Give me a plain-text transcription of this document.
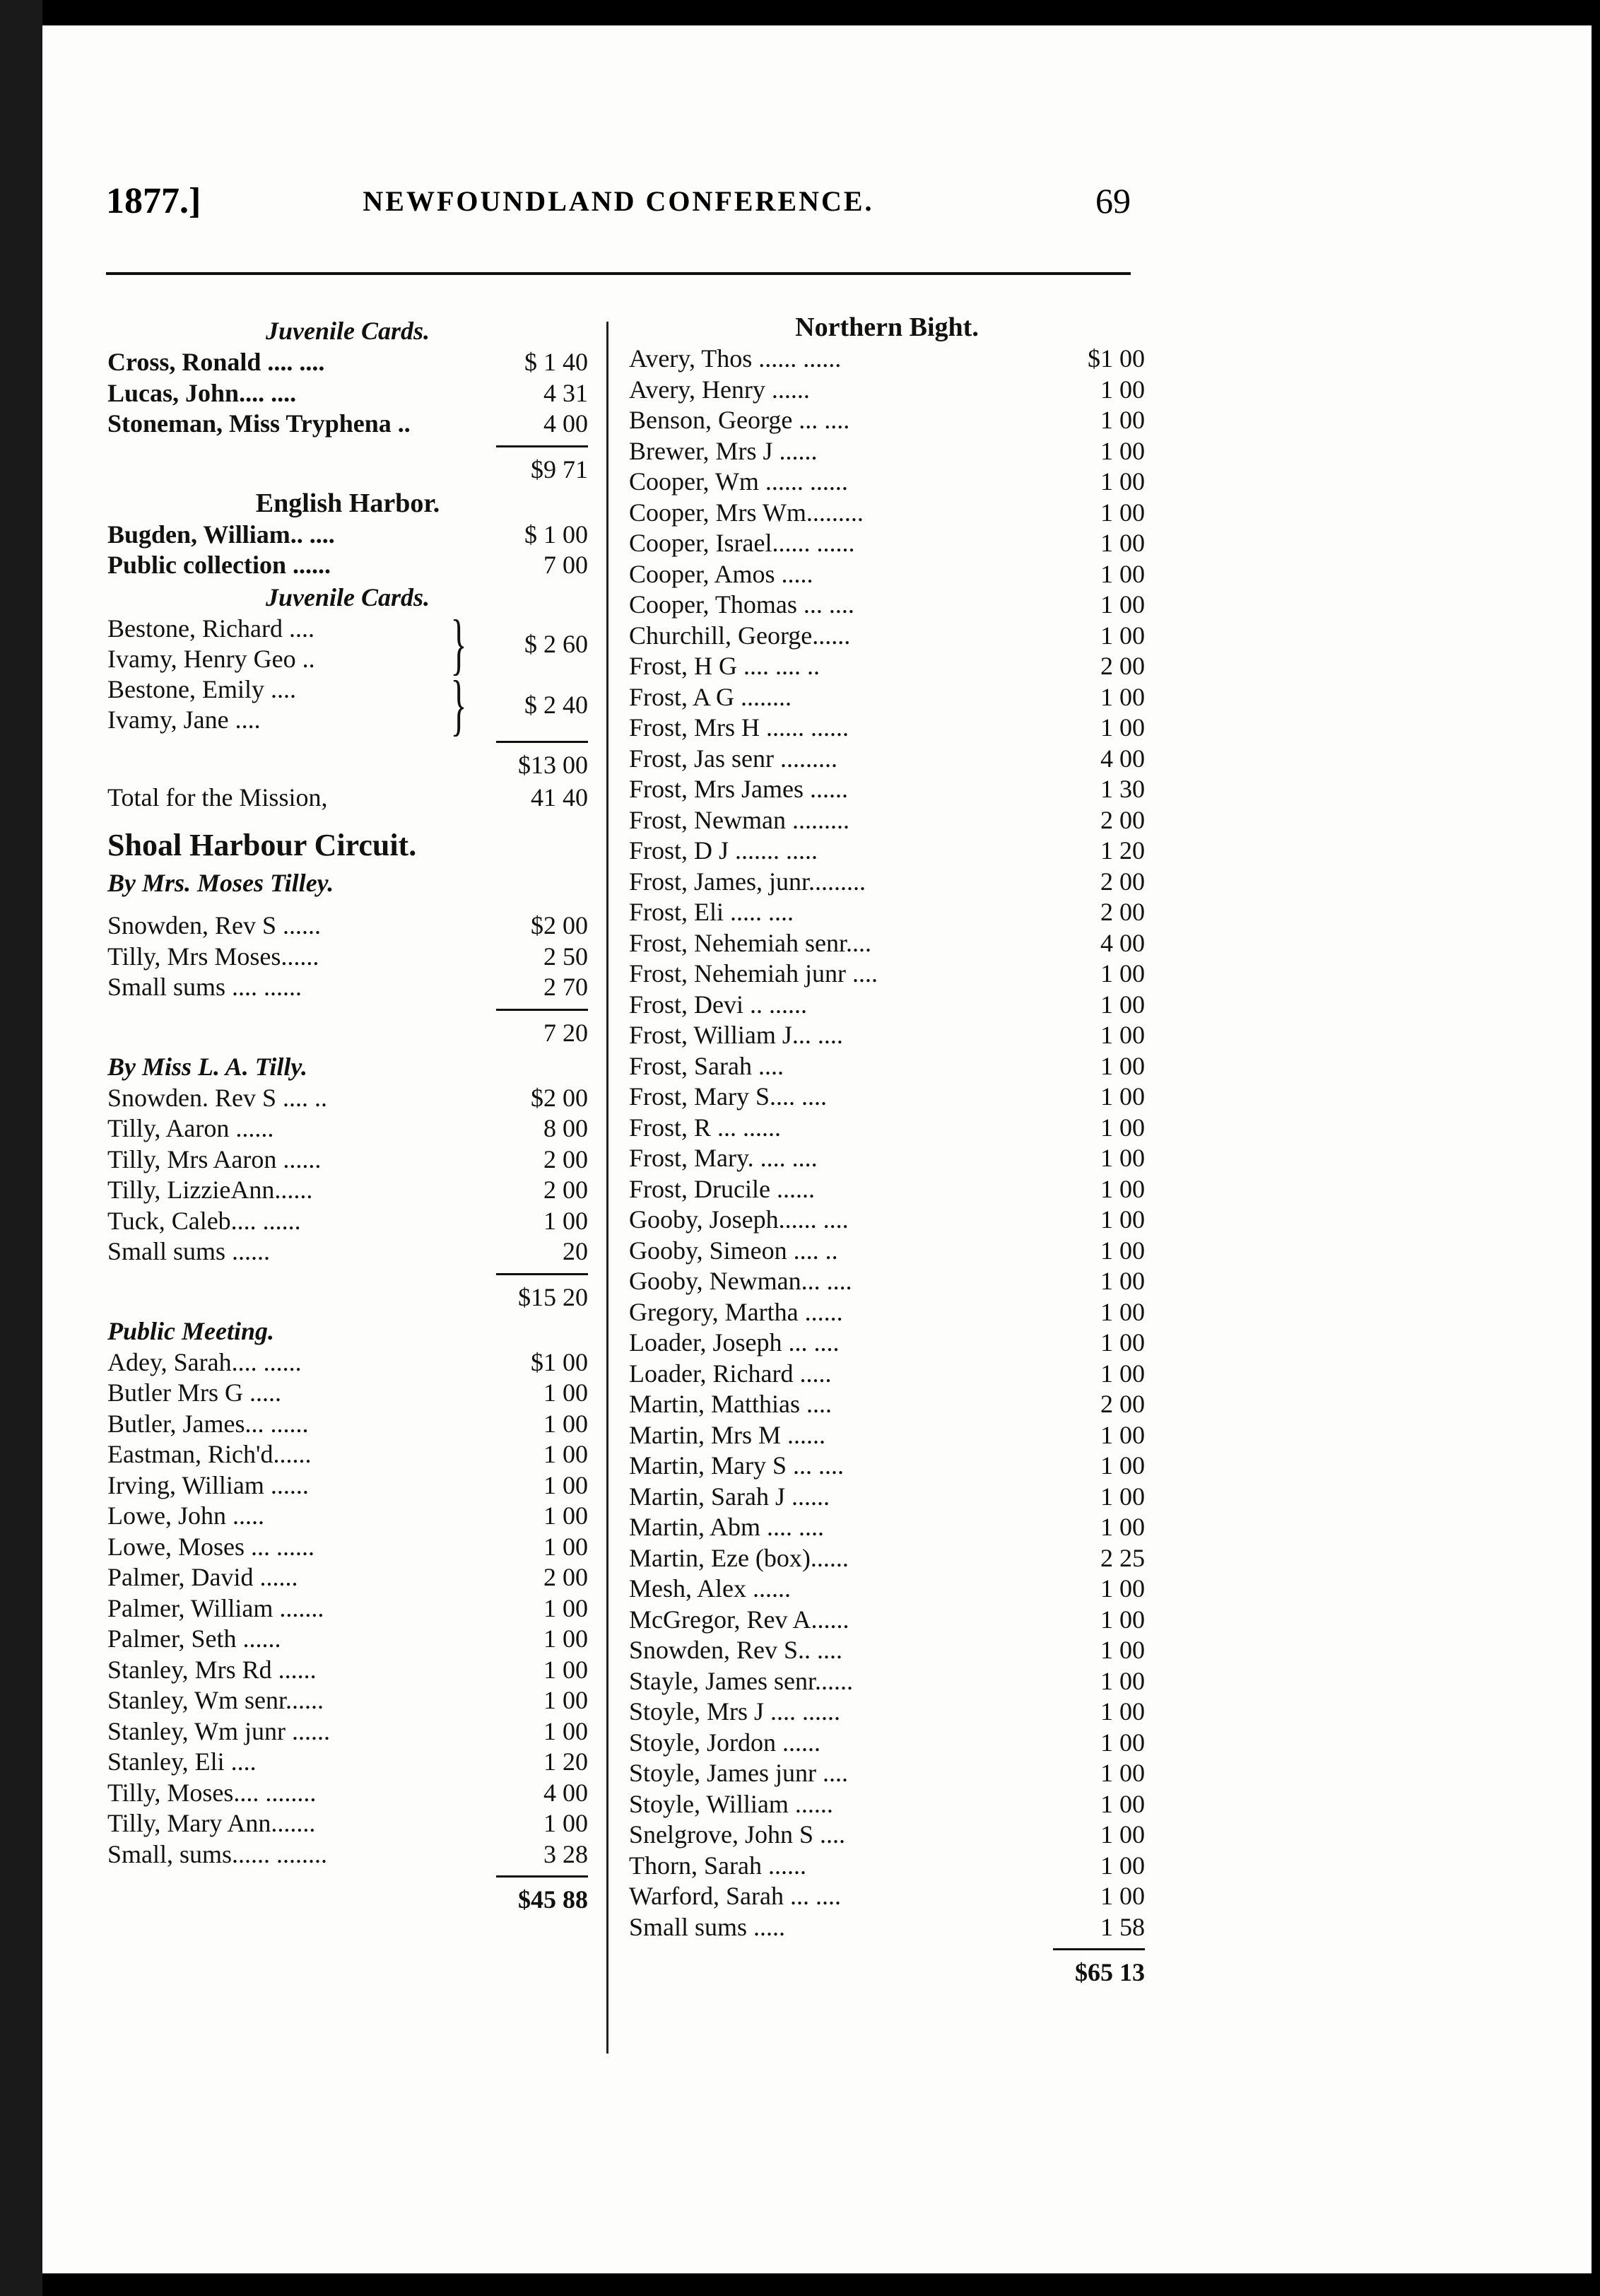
1877.]	NEWFOUNDLAND CONFERENCE.	69
Juvenile Cards.
Cross, Ronald .... ....	$ 1 40
Lucas, John.... ....	4 31
Stoneman, Miss Tryphena ..	4 00
$9 71
English Harbor.
Bugden, William.. ....	$ 1 00
Public collection ......	7 00
Juvenile Cards.
Bestone, Richard ....
Ivamy, Henry Geo ..	}	$ 2 60
Bestone, Emily ....
Ivamy, Jane ....	}	$ 2 40
$13 00
Total for the Mission,	41 40
Shoal Harbour Circuit.
By Mrs. Moses Tilley.
Snowden, Rev S ......	$2 00
Tilly, Mrs Moses......	2 50
Small sums .... ......	2 70
7 20
By Miss L. A. Tilly.
Snowden. Rev S .... ..	$2 00
Tilly, Aaron ......	8 00
Tilly, Mrs Aaron ......	2 00
Tilly, LizzieAnn......	2 00
Tuck, Caleb.... ......	1 00
Small sums ......	20
$15 20
Public Meeting.
Adey, Sarah.... ......	$1 00
Butler Mrs G .....	1 00
Butler, James... ......	1 00
Eastman, Rich'd......	1 00
Irving, William ......	1 00
Lowe, John .....	1 00
Lowe, Moses ... ......	1 00
Palmer, David ......	2 00
Palmer, William .......	1 00
Palmer, Seth ......	1 00
Stanley, Mrs Rd ......	1 00
Stanley, Wm senr......	1 00
Stanley, Wm junr ......	1 00
Stanley, Eli ....	1 20
Tilly, Moses.... ........	4 00
Tilly, Mary Ann.......	1 00
Small, sums...... ........	3 28
$45 88
Northern Bight.
Avery, Thos ...... ......	$1 00
Avery, Henry ......	1 00
Benson, George ... ....	1 00
Brewer, Mrs J ......	1 00
Cooper, Wm ...... ......	1 00
Cooper, Mrs Wm.........	1 00
Cooper, Israel...... ......	1 00
Cooper, Amos .....	1 00
Cooper, Thomas ... ....	1 00
Churchill, George......	1 00
Frost, H G .... .... ..	2 00
Frost, A G ........	1 00
Frost, Mrs H ...... ......	1 00
Frost, Jas senr .........	4 00
Frost, Mrs James ......	1 30
Frost, Newman .........	2 00
Frost, D J ....... .....	1 20
Frost, James, junr.........	2 00
Frost, Eli ..... ....	2 00
Frost, Nehemiah senr....	4 00
Frost, Nehemiah junr ....	1 00
Frost, Devi .. ......	1 00
Frost, William J... ....	1 00
Frost, Sarah ....	1 00
Frost, Mary S.... ....	1 00
Frost, R ... ......	1 00
Frost, Mary. .... ....	1 00
Frost, Drucile ......	1 00
Gooby, Joseph...... ....	1 00
Gooby, Simeon .... ..	1 00
Gooby, Newman... ....	1 00
Gregory, Martha ......	1 00
Loader, Joseph ... ....	1 00
Loader, Richard .....	1 00
Martin, Matthias ....	2 00
Martin, Mrs M ......	1 00
Martin, Mary S ... ....	1 00
Martin, Sarah J ......	1 00
Martin, Abm .... ....	1 00
Martin, Eze (box)......	2 25
Mesh, Alex ......	1 00
McGregor, Rev A......	1 00
Snowden, Rev S.. ....	1 00
Stayle, James senr......	1 00
Stoyle, Mrs J .... ......	1 00
Stoyle, Jordon ......	1 00
Stoyle, James junr ....	1 00
Stoyle, William ......	1 00
Snelgrove, John S ....	1 00
Thorn, Sarah ......	1 00
Warford, Sarah ... ....	1 00
Small sums .....	1 58
$65 13
